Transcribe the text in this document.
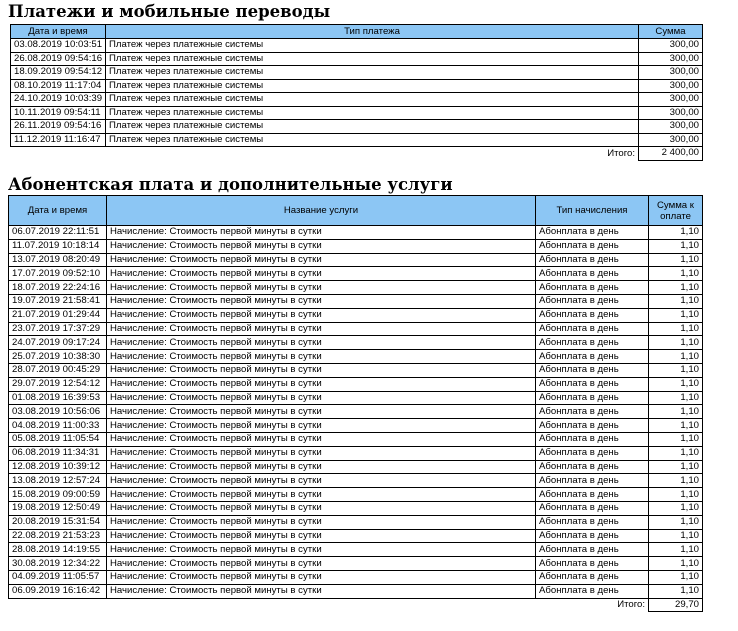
Платежи и мобильные переводы
Дата и время	Тип платежа	Сумма
03.08.2019 10:03:51	Платеж через платежные системы	300,00
26.08.2019 09:54:16	Платеж через платежные системы	300,00
18.09.2019 09:54:12	Платеж через платежные системы	300,00
08.10.2019 11:17:04	Платеж через платежные системы	300,00
24.10.2019 10:03:39	Платеж через платежные системы	300,00
10.11.2019 09:54:11	Платеж через платежные системы	300,00
26.11.2019 09:54:16	Платеж через платежные системы	300,00
11.12.2019 11:16:47	Платеж через платежные системы	300,00
	Итого:	2 400,00
Абонентская плата и дополнительные услуги
Дата и время	Название услуги	Тип начисления	Сумма к оплате
06.07.2019 22:11:51	Начисление: Стоимость первой минуты в сутки	Абонплата в день	1,10
11.07.2019 10:18:14	Начисление: Стоимость первой минуты в сутки	Абонплата в день	1,10
13.07.2019 08:20:49	Начисление: Стоимость первой минуты в сутки	Абонплата в день	1,10
17.07.2019 09:52:10	Начисление: Стоимость первой минуты в сутки	Абонплата в день	1,10
18.07.2019 22:24:16	Начисление: Стоимость первой минуты в сутки	Абонплата в день	1,10
19.07.2019 21:58:41	Начисление: Стоимость первой минуты в сутки	Абонплата в день	1,10
21.07.2019 01:29:44	Начисление: Стоимость первой минуты в сутки	Абонплата в день	1,10
23.07.2019 17:37:29	Начисление: Стоимость первой минуты в сутки	Абонплата в день	1,10
24.07.2019 09:17:24	Начисление: Стоимость первой минуты в сутки	Абонплата в день	1,10
25.07.2019 10:38:30	Начисление: Стоимость первой минуты в сутки	Абонплата в день	1,10
28.07.2019 00:45:29	Начисление: Стоимость первой минуты в сутки	Абонплата в день	1,10
29.07.2019 12:54:12	Начисление: Стоимость первой минуты в сутки	Абонплата в день	1,10
01.08.2019 16:39:53	Начисление: Стоимость первой минуты в сутки	Абонплата в день	1,10
03.08.2019 10:56:06	Начисление: Стоимость первой минуты в сутки	Абонплата в день	1,10
04.08.2019 11:00:33	Начисление: Стоимость первой минуты в сутки	Абонплата в день	1,10
05.08.2019 11:05:54	Начисление: Стоимость первой минуты в сутки	Абонплата в день	1,10
06.08.2019 11:34:31	Начисление: Стоимость первой минуты в сутки	Абонплата в день	1,10
12.08.2019 10:39:12	Начисление: Стоимость первой минуты в сутки	Абонплата в день	1,10
13.08.2019 12:57:24	Начисление: Стоимость первой минуты в сутки	Абонплата в день	1,10
15.08.2019 09:00:59	Начисление: Стоимость первой минуты в сутки	Абонплата в день	1,10
19.08.2019 12:50:49	Начисление: Стоимость первой минуты в сутки	Абонплата в день	1,10
20.08.2019 15:31:54	Начисление: Стоимость первой минуты в сутки	Абонплата в день	1,10
22.08.2019 21:53:23	Начисление: Стоимость первой минуты в сутки	Абонплата в день	1,10
28.08.2019 14:19:55	Начисление: Стоимость первой минуты в сутки	Абонплата в день	1,10
30.08.2019 12:34:22	Начисление: Стоимость первой минуты в сутки	Абонплата в день	1,10
04.09.2019 11:05:57	Начисление: Стоимость первой минуты в сутки	Абонплата в день	1,10
06.09.2019 16:16:42	Начисление: Стоимость первой минуты в сутки	Абонплата в день	1,10
		Итого:	29,70
